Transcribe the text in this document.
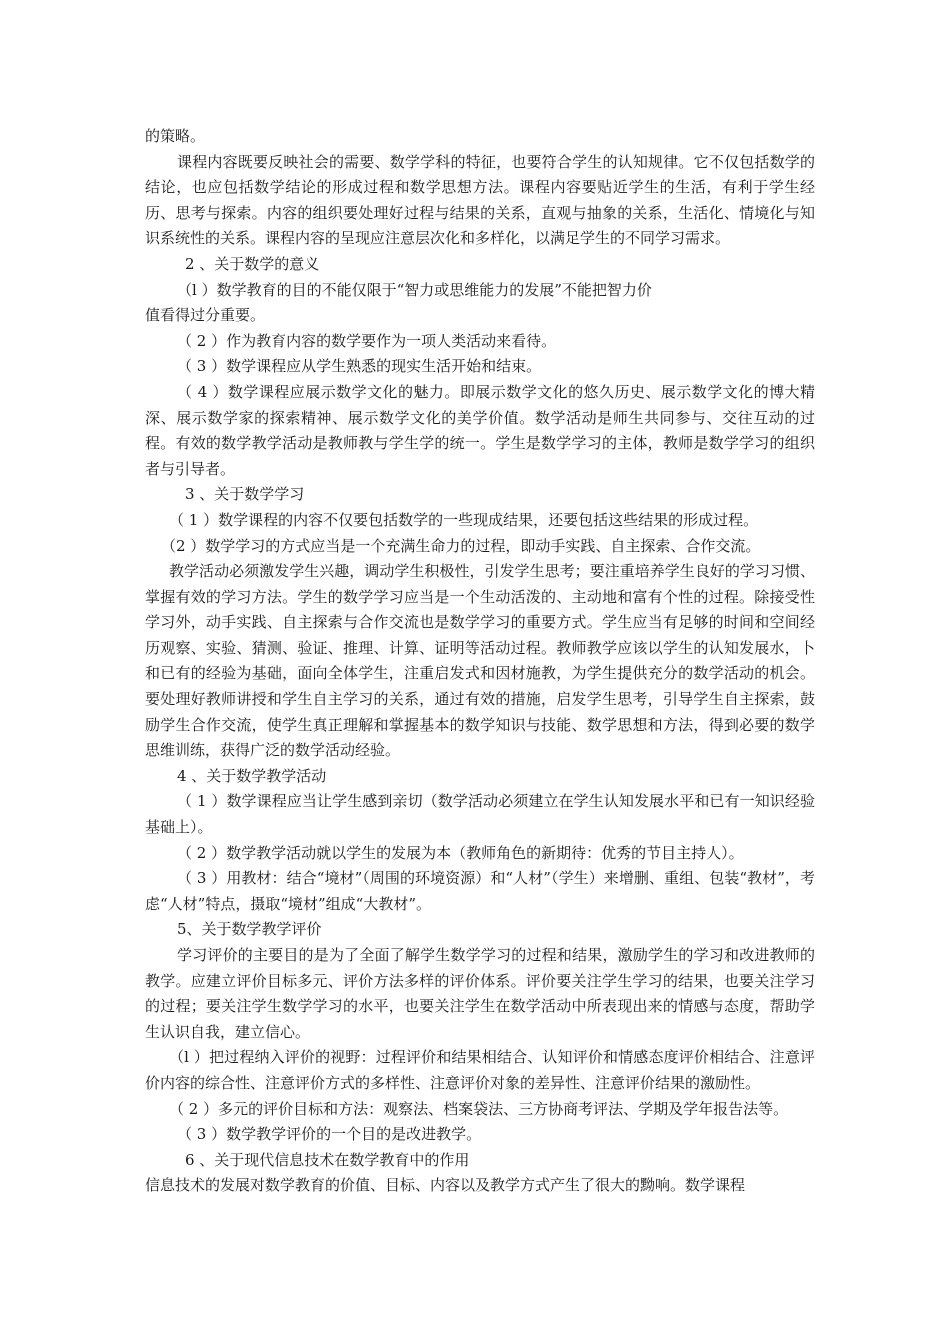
的策略。

课程内容既要反映社会的需要、数学学科的特征，也要符合学生的认知规律。它不仅包括数学的结论，也应包括数学结论的形成过程和数学思想方法。课程内容要贴近学生的生活，有利于学生经历、思考与探索。内容的组织要处理好过程与结果的关系，直观与抽象的关系，生活化、情境化与知识系统性的关系。课程内容的呈现应注意层次化和多样化，以满足学生的不同学习需求。

2 、关于数学的意义

（l ）数学教育的目的不能仅限于“智力或思维能力的发展”不能把智力价

值看得过分重要。

（ 2 ）作为教育内容的数学要作为一项人类活动来看待。

（ 3 ）数学课程应从学生熟悉的现实生活开始和结束。

（ 4 ）数学课程应展示数学文化的魅力。即展示数学文化的悠久历史、展示数学文化的博大精深、展示数学家的探索精神、展示数学文化的美学价值。数学活动是师生共同参与、交往互动的过程。有效的数学教学活动是教师教与学生学的统一。学生是数学学习的主体，教师是数学学习的组织者与引导者。

3 、关于数学学习

（ 1 ）数学课程的内容不仅要包括数学的一些现成结果，还要包括这些结果的形成过程。

（2 ）数学学习的方式应当是一个充满生命力的过程，即动手实践、自主探索、合作交流。

教学活动必须激发学生兴趣，调动学生积极性，引发学生思考；要注重培养学生良好的学习习惯、掌握有效的学习方法。学生的数学学习应当是一个生动活泼的、主动地和富有个性的过程。除接受性学习外，动手实践、自主探索与合作交流也是数学学习的重要方式。学生应当有足够的时间和空间经历观察、实验、猜测、验证、推理、计算、证明等活动过程。教师教学应该以学生的认知发展水，卜和已有的经验为基础，面向全体学生，注重启发式和因材施教，为学生提供充分的数学活动的机会。要处理好教师讲授和学生自主学习的关系，通过有效的措施，启发学生思考，引导学生自主探索，鼓励学生合作交流，使学生真正理解和掌握基本的数学知识与技能、数学思想和方法，得到必要的数学思维训练，获得广泛的数学活动经验。

4 、关于数学教学活动

（ 1 ）数学课程应当让学生感到亲切（数学活动必须建立在学生认知发展水平和已有一知识经验基础上）。

（ 2 ）数学教学活动就以学生的发展为本（教师角色的新期待：优秀的节目主持人）。

（ 3 ）用教材：结合“境材”（周围的环境资源）和“人材”（学生）来增删、重组、包装“教材”，考虑“人材”特点，摄取“境材”组成“大教材”。

5、关于数学教学评价

学习评价的主要目的是为了全面了解学生数学学习的过程和结果，激励学生的学习和改进教师的教学。应建立评价目标多元、评价方法多样的评价体系。评价要关注学生学习的结果，也要关注学习的过程；要关注学生数学学习的水平，也要关注学生在数学活动中所表现出来的情感与态度，帮助学生认识自我，建立信心。

（l ）把过程纳入评价的视野：过程评价和结果相结合、认知评价和情感态度评价相结合、注意评价内容的综合性、注意评价方式的多样性、注意评价对象的差异性、注意评价结果的激励性。

（ 2 ）多元的评价目标和方法：观察法、档案袋法、三方协商考评法、学期及学年报告法等。

（ 3 ）数学教学评价的一个目的是改进教学。

6 、关于现代信息技术在数学教育中的作用

信息技术的发展对数学教育的价值、目标、内容以及教学方式产生了很大的黝响。数学课程
